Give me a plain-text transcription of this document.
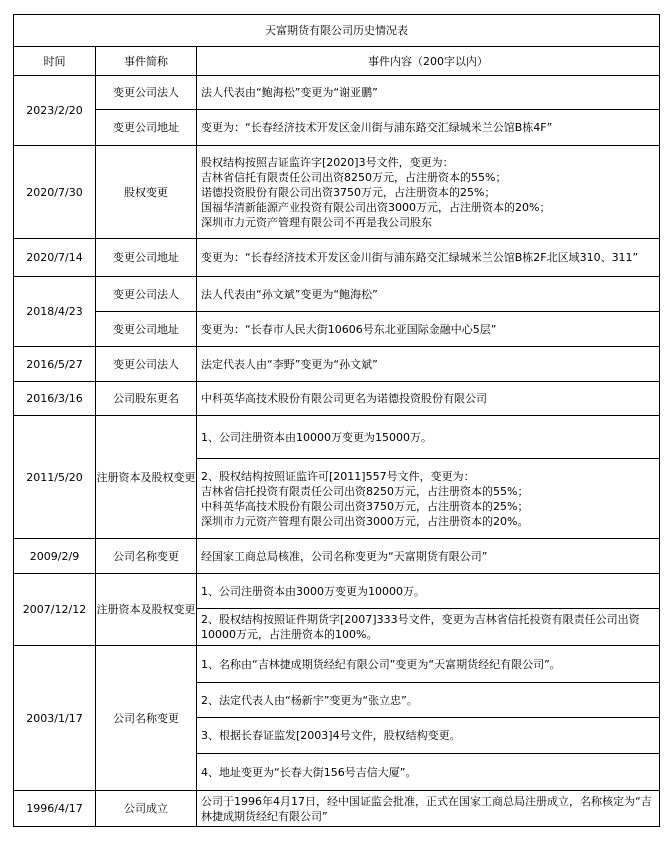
天富期货有限公司历史情况表		
时间	事件简称	事件内容（200字以内）
2023/2/20	变更公司法人	法人代表由“鲍海松”变更为“谢亚鹏”

	变更公司地址	变更为：“长春经济技术开发区金川街与浦东路交汇绿城米兰公馆B栋4F”

2020/7/30	股权变更	股权结构按照吉证监许字[2020]3号文件，变更为：
吉林省信托有限责任公司出资8250万元，占注册资本的55%；
诺德投资股份有限公司出资3750万元，占注册资本的25%；
国福华清新能源产业投资有限公司出资3000万元，占注册资本的20%；
深圳市力元资产管理有限公司不再是我公司股东

2020/7/14	变更公司地址	变更为：“长春经济技术开发区金川街与浦东路交汇绿城米兰公馆B栋2F北区域310、311”

2018/4/23	变更公司法人	法人代表由“孙文斌”变更为“鲍海松”

	变更公司地址	变更为：“长春市人民大街10606号东北亚国际金融中心5层”

2016/5/27	变更公司法人	法定代表人由“李野”变更为“孙文斌”

2016/3/16	公司股东更名	中科英华高技术股份有限公司更名为诺德投资股份有限公司

2011/5/20	注册资本及股权变更	1、公司注册资本由10000万变更为15000万。

		2、股权结构按照证监许可[2011]557号文件，变更为：
吉林省信托投资有限责任公司出资8250万元，占注册资本的55%；
中科英华高技术股份有限公司出资3750万元，占注册资本的25%；
深圳市力元资产管理有限公司出资3000万元，占注册资本的20%。

2009/2/9	公司名称变更	经国家工商总局核准，公司名称变更为“天富期货有限公司”

2007/12/12	注册资本及股权变更	1、公司注册资本由3000万变更为10000万。

		2、股权结构按照证件期货字[2007]333号文件，变更为吉林省信托投资有限责任公司出资10000万元，占注册资本的100%。

2003/1/17	公司名称变更	1、名称由“吉林捷成期货经纪有限公司”变更为“天富期货经纪有限公司”。

		2、法定代表人由“杨新宇”变更为“张立忠”。

		3、根据长春证监发[2003]4号文件，股权结构变更。

		4、地址变更为“长春大街156号吉信大厦”。

1996/4/17	公司成立	公司于1996年4月17日，经中国证监会批准，正式在国家工商总局注册成立，名称核定为“吉林捷成期货经纪有限公司”
